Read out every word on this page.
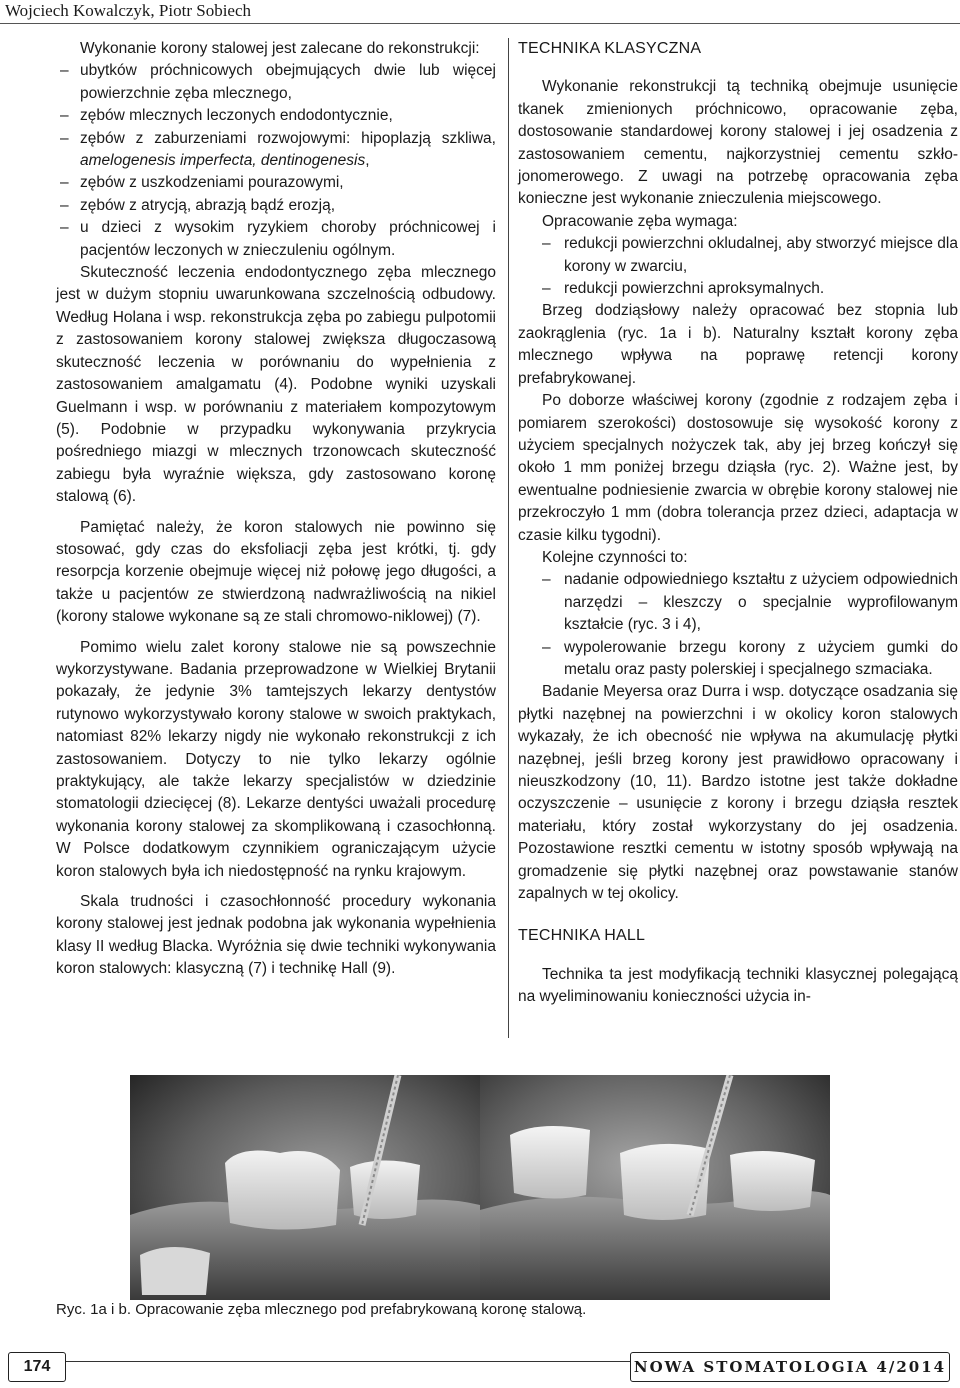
Wojciech Kowalczyk, Piotr Sobiech

Wykonanie korony stalowej jest zalecane do rekonstrukcji:

– ubytków próchnicowych obejmujących dwie lub więcej powierzchnie zęba mlecznego,
– zębów mlecznych leczonych endodontycznie,
– zębów z zaburzeniami rozwojowymi: hipoplazją szkliwa, amelogenesis imperfecta, dentinogenesis,
– zębów z uszkodzeniami pourazowymi,
– zębów z atrycją, abrazją bądź erozją,
– u dzieci z wysokim ryzykiem choroby próchnicowej i pacjentów leczonych w znieczuleniu ogólnym.

Skuteczność leczenia endodontycznego zęba mlecznego jest w dużym stopniu uwarunkowana szczelnością odbudowy. Według Holana i wsp. rekonstrukcja zęba po zabiegu pulpotomii z zastosowaniem korony stalowej zwiększa długoczasową skuteczność leczenia w porównaniu do wypełnienia z zastosowaniem amalgamatu (4). Podobne wyniki uzyskali Guelmann i wsp. w porównaniu z materiałem kompozytowym (5). Podobnie w przypadku wykonywania przykrycia pośredniego miazgi w mlecznych trzonowcach skuteczność zabiegu była wyraźnie większa, gdy zastosowano koronę stalową (6).

Pamiętać należy, że koron stalowych nie powinno się stosować, gdy czas do eksfoliacji zęba jest krótki, tj. gdy resorpcja korzenie obejmuje więcej niż połowę jego długości, a także u pacjentów ze stwierdzoną nadwrażliwością na nikiel (korony stalowe wykonane są ze stali chromowo-niklowej) (7).

Pomimo wielu zalet korony stalowe nie są powszechnie wykorzystywane. Badania przeprowadzone w Wielkiej Brytanii pokazały, że jedynie 3% tamtejszych lekarzy dentystów rutynowo wykorzystywało korony stalowe w swoich praktykach, natomiast 82% lekarzy nigdy nie wykonało rekonstrukcji z ich zastosowaniem. Dotyczy to nie tylko lekarzy ogólnie praktykujący, ale także lekarzy specjalistów w dziedzinie stomatologii dziecięcej (8). Lekarze dentyści uważali procedurę wykonania korony stalowej za skomplikowaną i czasochłonną. W Polsce dodatkowym czynnikiem ograniczającym użycie koron stalowych była ich niedostępność na rynku krajowym.

Skala trudności i czasochłonność procedury wykonania korony stalowej jest jednak podobna jak wykonania wypełnienia klasy II według Blacka. Wyróżnia się dwie techniki wykonywania koron stalowych: klasyczną (7) i technikę Hall (9).

TECHNIKA KLASYCZNA

Wykonanie rekonstrukcji tą techniką obejmuje usunięcie tkanek zmienionych próchnicowo, opracowanie zęba, dostosowanie standardowej korony stalowej i jej osadzenia z zastosowaniem cementu, najkorzystniej cementu szkło-jonomerowego. Z uwagi na potrzebę opracowania zęba konieczne jest wykonanie znieczulenia miejscowego.

Opracowanie zęba wymaga:

– redukcji powierzchni okludalnej, aby stworzyć miejsce dla korony w zwarciu,
– redukcji powierzchni aproksymalnych.

Brzeg dodziąsłowy należy opracować bez stopnia lub zaokrąglenia (ryc. 1a i b). Naturalny kształt korony zęba mlecznego wpływa na poprawę retencji korony prefabrykowanej.

Po doborze właściwej korony (zgodnie z rodzajem zęba i pomiarem szerokości) dostosowuje się wysokość korony z użyciem specjalnych nożyczek tak, aby jej brzeg kończył się około 1 mm poniżej brzegu dziąsła (ryc. 2). Ważne jest, by ewentualne podniesienie zwarcia w obrębie korony stalowej nie przekroczyło 1 mm (dobra tolerancja przez dzieci, adaptacja w czasie kilku tygodni).

Kolejne czynności to:

– nadanie odpowiedniego kształtu z użyciem odpowiednich narzędzi – kleszczy o specjalnie wyprofilowanym kształcie (ryc. 3 i 4),
– wypolerowanie brzegu korony z użyciem gumki do metalu oraz pasty polerskiej i specjalnego szmaciaka.

Badanie Meyersa oraz Durra i wsp. dotyczące osadzania się płytki nazębnej na powierzchni i w okolicy koron stalowych wykazały, że ich obecność nie wpływa na akumulację płytki nazębnej, jeśli brzeg korony jest prawidłowo opracowany i nieuszkodzony (10, 11). Bardzo istotne jest także dokładne oczyszczenie – usunięcie z korony i brzegu dziąsła resztek materiału, który został wykorzystany do jej osadzenia. Pozostawione resztki cementu w istotny sposób wpływają na gromadzenie się płytki nazębnej oraz powstawanie stanów zapalnych w tej okolicy.

TECHNIKA HALL

Technika ta jest modyfikacją techniki klasycznej polegającą na wyeliminowaniu konieczności użycia in-

Ryc. 1a i b. Opracowanie zęba mlecznego pod prefabrykowaną koronę stalową.
174	NOWA STOMATOLOGIA 4/2014
